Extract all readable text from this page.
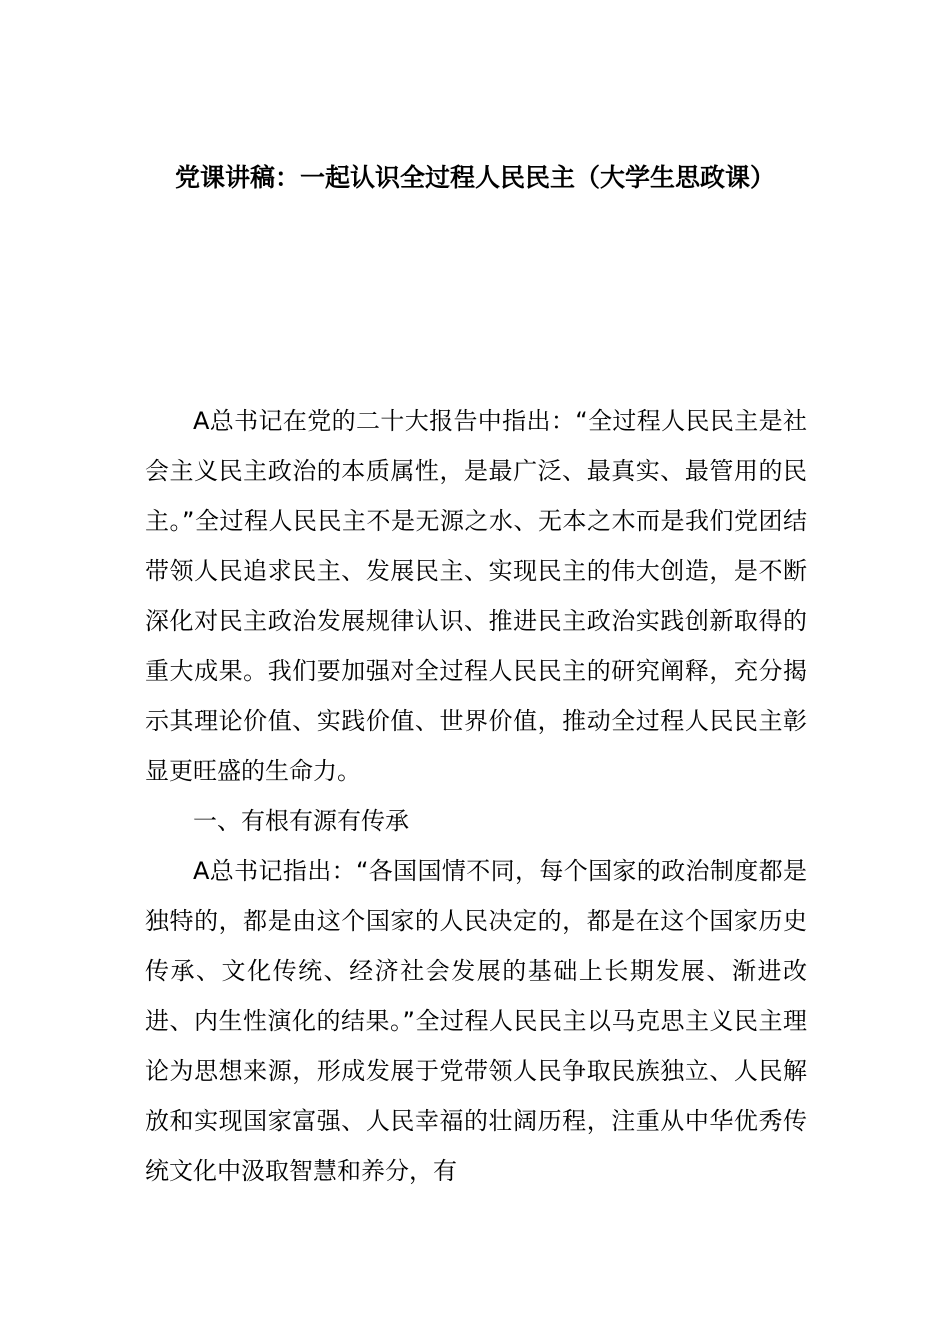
党课讲稿：一起认识全过程人民民主（大学生思政课）

A总书记在党的二十大报告中指出：“全过程人民民主是社会主义民主政治的本质属性，是最广泛、最真实、最管用的民主。”全过程人民民主不是无源之水、无本之木而是我们党团结带领人民追求民主、发展民主、实现民主的伟大创造，是不断深化对民主政治发展规律认识、推进民主政治实践创新取得的重大成果。我们要加强对全过程人民民主的研究阐释，充分揭示其理论价值、实践价值、世界价值，推动全过程人民民主彰显更旺盛的生命力。

一、有根有源有传承

A总书记指出：“各国国情不同，每个国家的政治制度都是独特的，都是由这个国家的人民决定的，都是在这个国家历史传承、文化传统、经济社会发展的基础上长期发展、渐进改进、内生性演化的结果。”全过程人民民主以马克思主义民主理论为思想来源，形成发展于党带领人民争取民族独立、人民解放和实现国家富强、人民幸福的壮阔历程，注重从中华优秀传统文化中汲取智慧和养分，有
